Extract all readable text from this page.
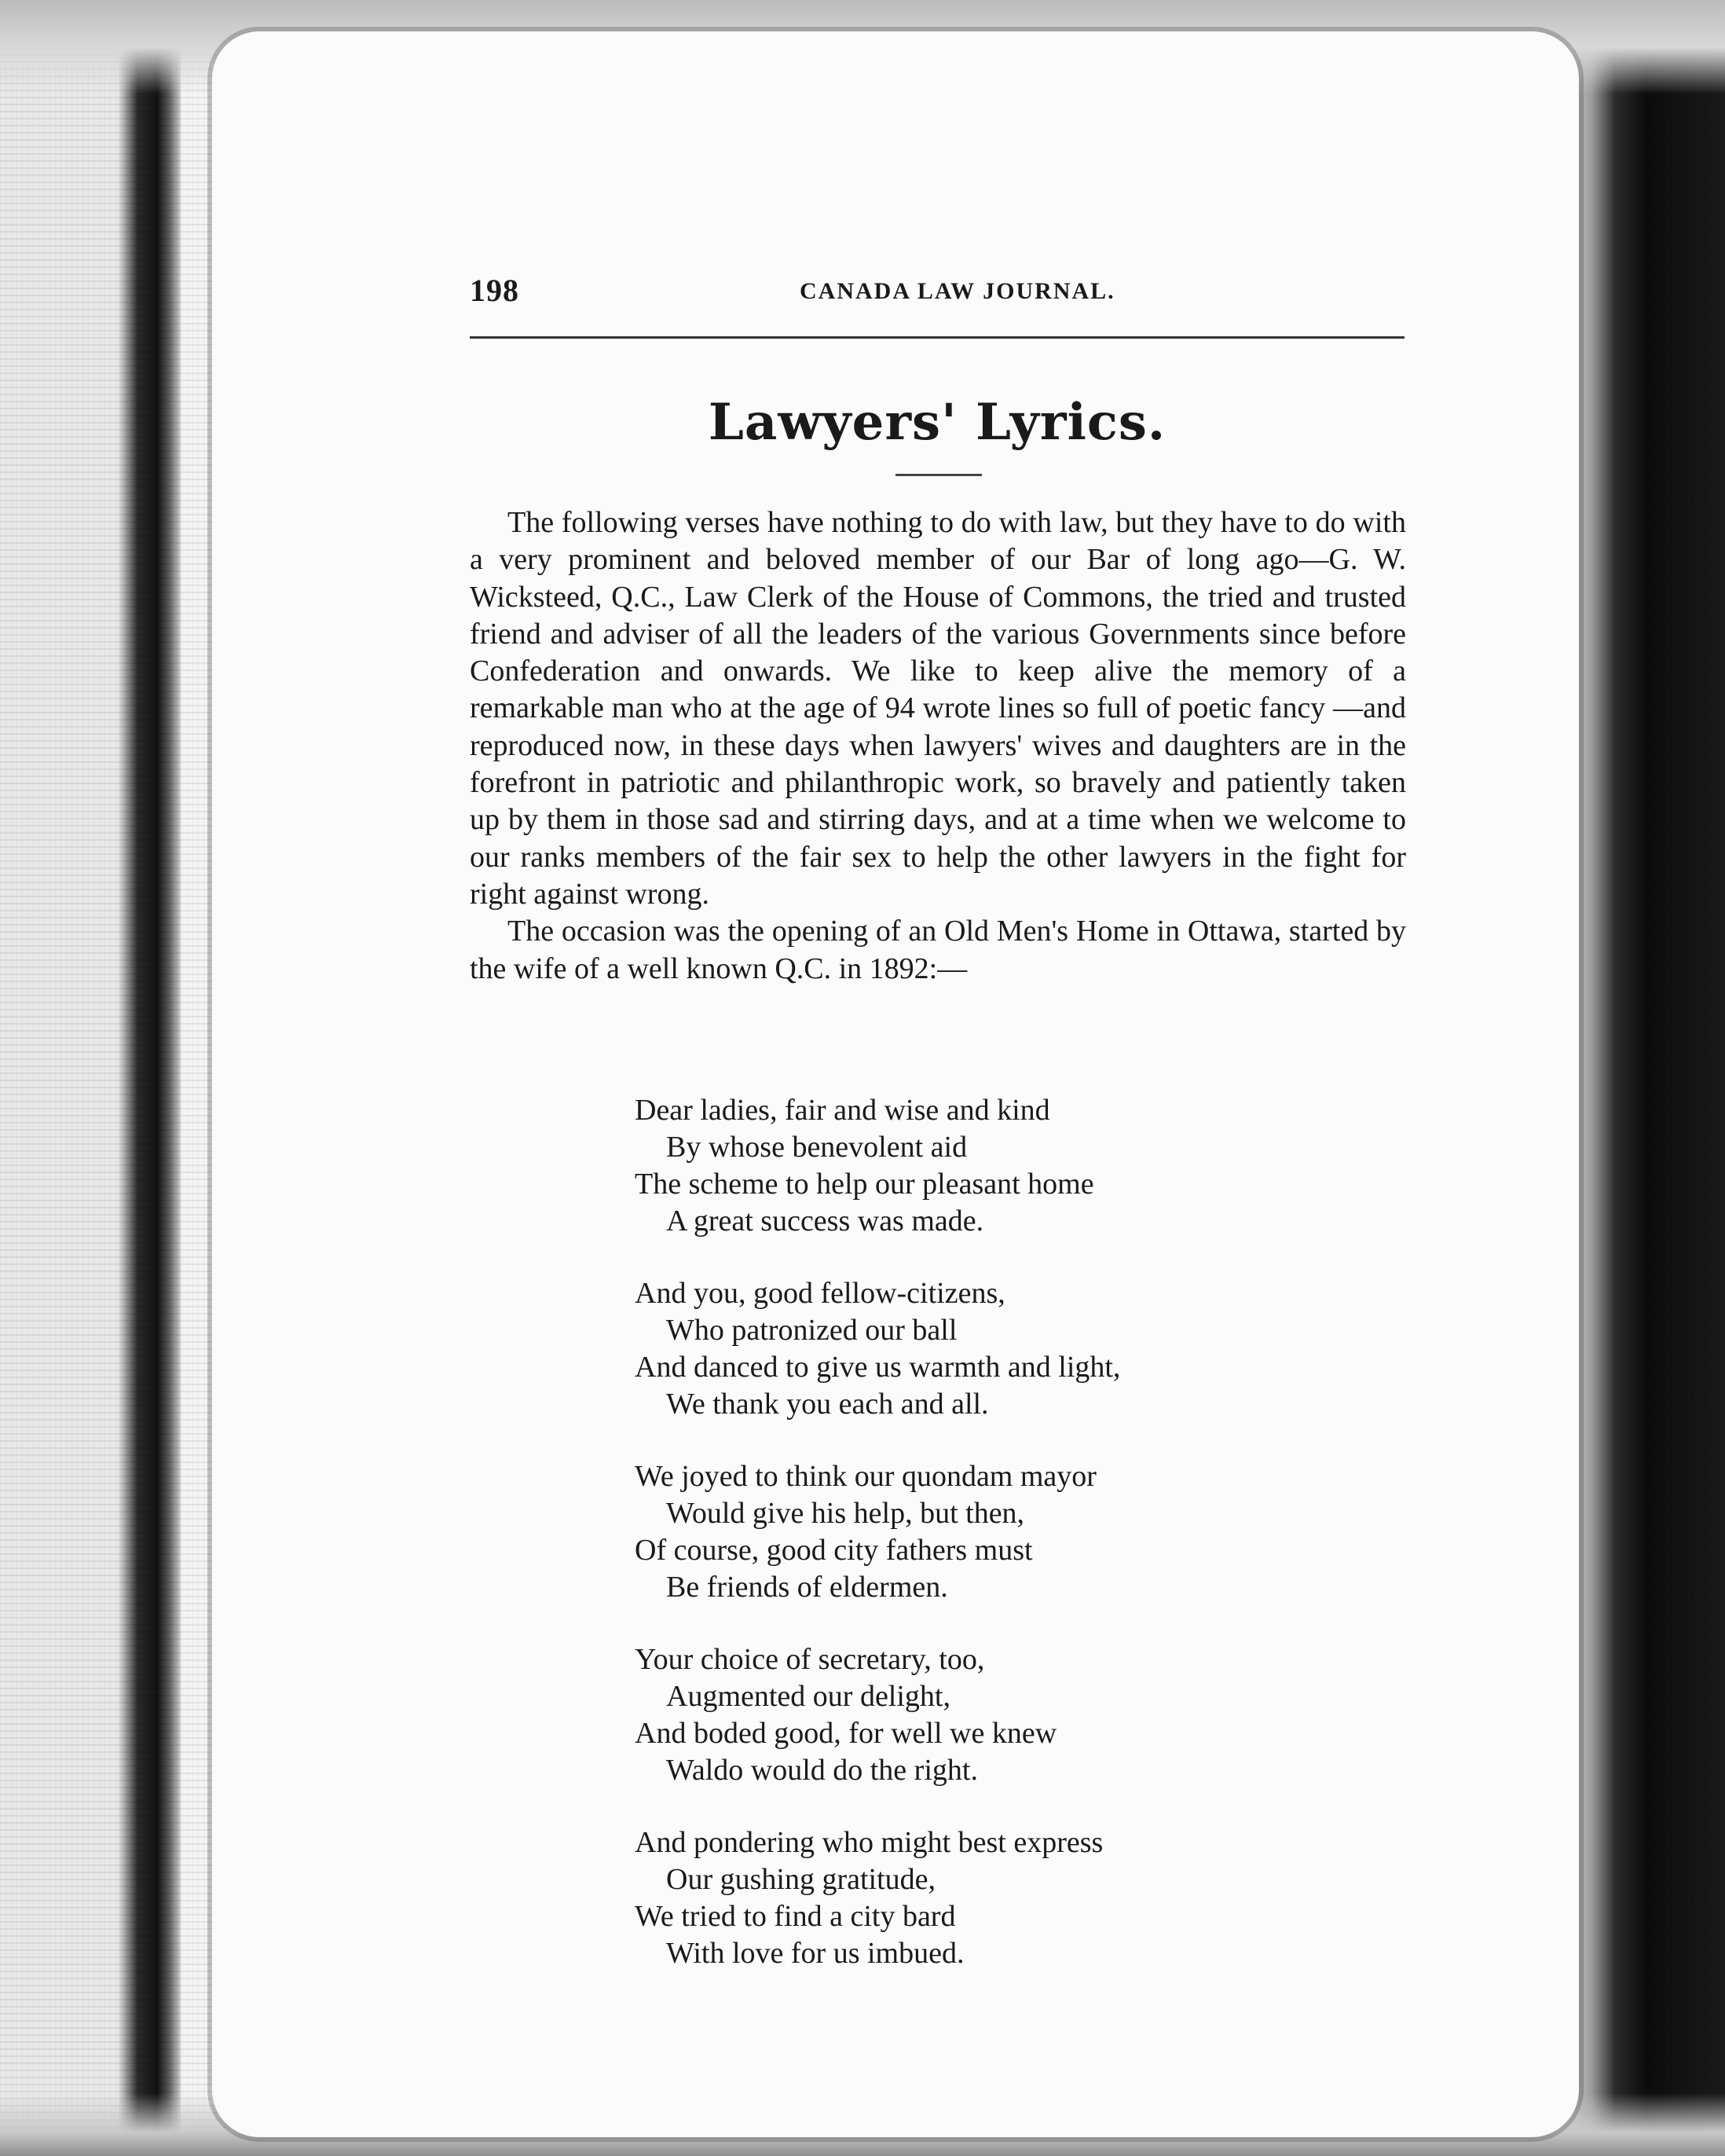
198	CANADA LAW JOURNAL.
Lawyers' Lyrics.

The following verses have nothing to do with law, but they have to do with a very prominent and beloved member of our Bar of long ago—G. W. Wicksteed, Q.C., Law Clerk of the House of Commons, the tried and trusted friend and adviser of all the leaders of the various Governments since before Confederation and onwards. We like to keep alive the memory of a remarkable man who at the age of 94 wrote lines so full of poetic fancy —and reproduced now, in these days when lawyers' wives and daughters are in the forefront in patriotic and philanthropic work, so bravely and patiently taken up by them in those sad and stirring days, and at a time when we welcome to our ranks members of the fair sex to help the other lawyers in the fight for right against wrong.

The occasion was the opening of an Old Men's Home in Ottawa, started by the wife of a well known Q.C. in 1892:—

Dear ladies, fair and wise and kind
By whose benevolent aid
The scheme to help our pleasant home
A great success was made.
And you, good fellow-citizens,
Who patronized our ball
And danced to give us warmth and light,
We thank you each and all.
We joyed to think our quondam mayor
Would give his help, but then,
Of course, good city fathers must
Be friends of eldermen.
Your choice of secretary, too,
Augmented our delight,
And boded good, for well we knew
Waldo would do the right.
And pondering who might best express
Our gushing gratitude,
We tried to find a city bard
With love for us imbued.
